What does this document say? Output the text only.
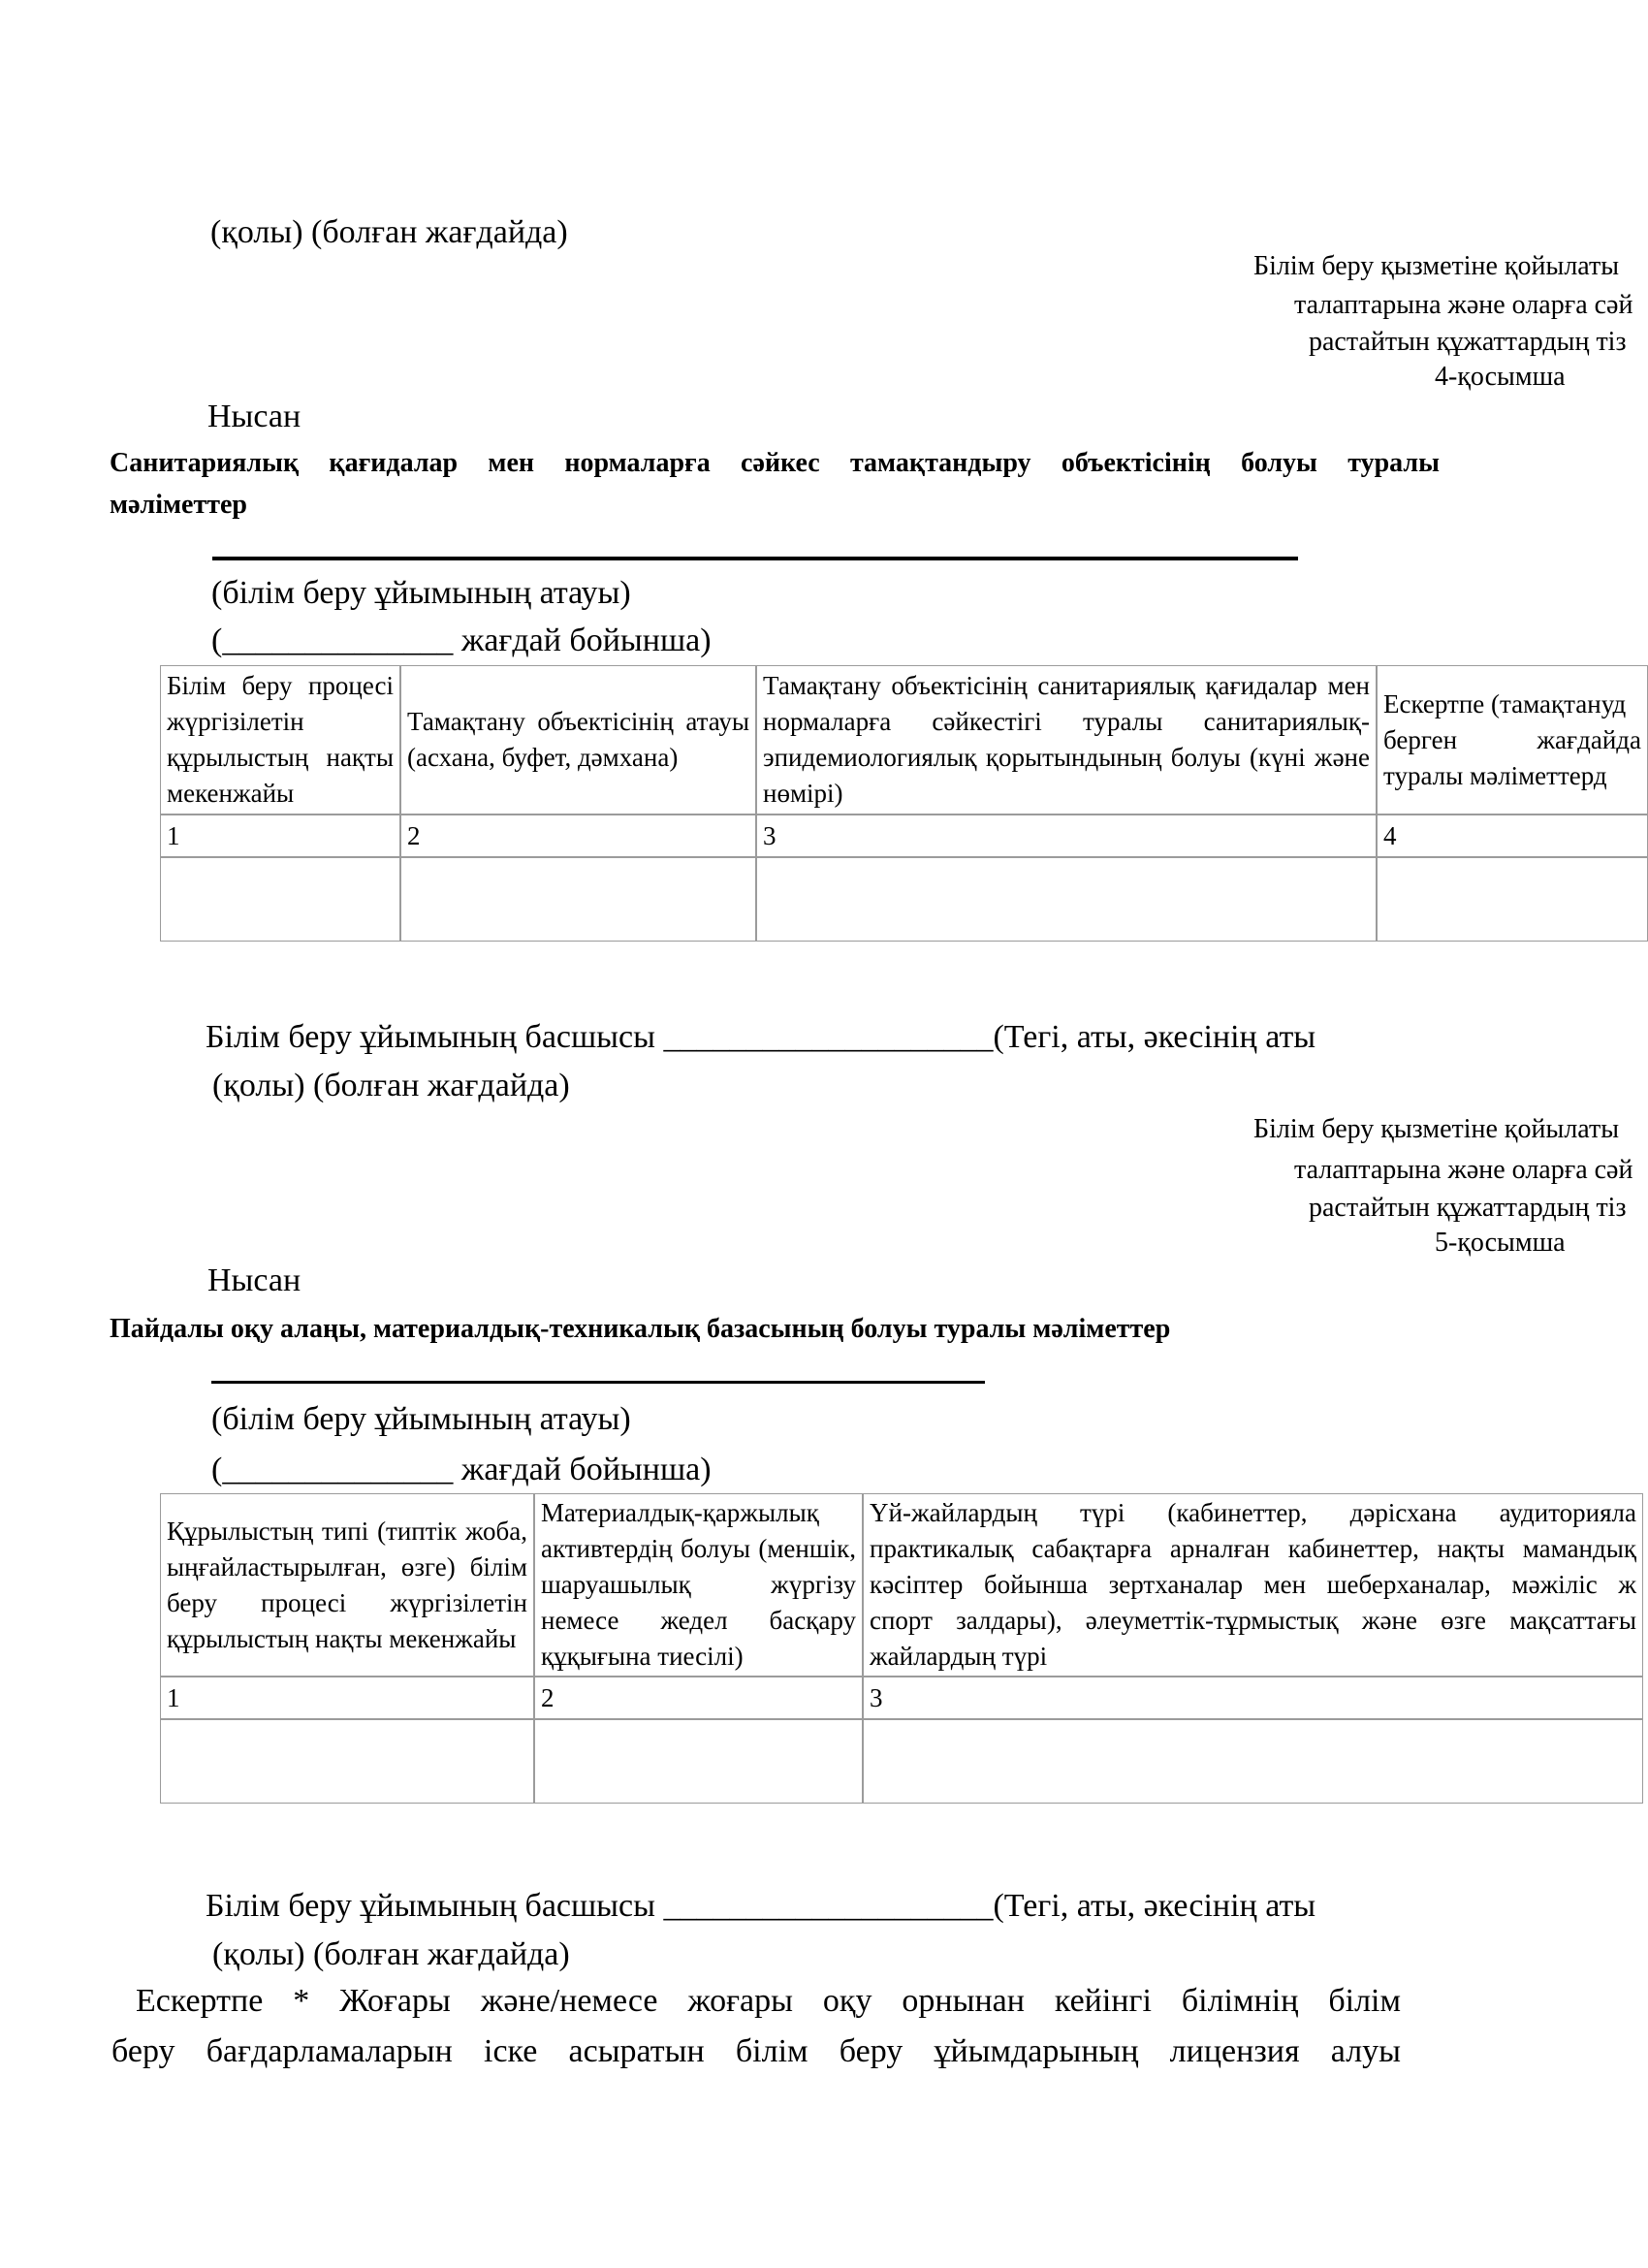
(қолы) (болған жағдайда)
Білім беру қызметіне қойылаты
талаптарына және оларға сәй
растайтын құжаттардың тіз
4-қосымша
Нысан
Санитариялық қағидалар мен нормаларға сәйкес тамақтандыру объектісінің болуы туралы
мәліметтер
(білім беру ұйымының атауы)
(______________ жағдай бойынша)
Білім беру процесі жүргізілетін құрылыстың нақты мекенжайы	Тамақтану объектісінің атауы (асхана, буфет, дәмхана)	Тамақтану объектісінің санитариялық қағидалар мен нормаларға сәйкестігі туралы санитариялық-эпидемиологиялық қорытындының болуы (күні және нөмірі)	Ескертпе (тамақтануд
берген жағдайда
туралы мәліметтерд

1	2	3	4

Білім беру ұйымының басшысы ____________________(Тегі, аты, әкесінің аты
(қолы) (болған жағдайда)
Білім беру қызметіне қойылаты
талаптарына және оларға сәй
растайтын құжаттардың тіз
5-қосымша
Нысан
Пайдалы оқу алаңы, материалдық-техникалық базасының болуы туралы мәліметтер
(білім беру ұйымының атауы)
(______________ жағдай бойынша)
Құрылыстың типі (типтік жоба, ыңғайластырылған, өзге) білім беру процесі жүргізілетін құрылыстың нақты мекенжайы	Материалдық-қаржылық активтердің болуы (меншік, шаруашылық жүргізу немесе жедел басқару құқығына тиесілі)	Үй-жайлардың түрі (кабинеттер, дәрісхана аудиторияла
практикалық сабақтарға арналған кабинеттер, нақты мамандық
кәсіптер бойынша зертханалар мен шеберханалар, мәжіліс ж
спорт залдары), әлеуметтік-тұрмыстық және өзге мақсаттағы
жайлардың түрі

1	2	3

Білім беру ұйымының басшысы ____________________(Тегі, аты, әкесінің аты
(қолы) (болған жағдайда)
Ескертпе * Жоғары және/немесе жоғары оқу орнынан кейінгі білімнің білім
беру бағдарламаларын іске асыратын білім беру ұйымдарының лицензия алуы
